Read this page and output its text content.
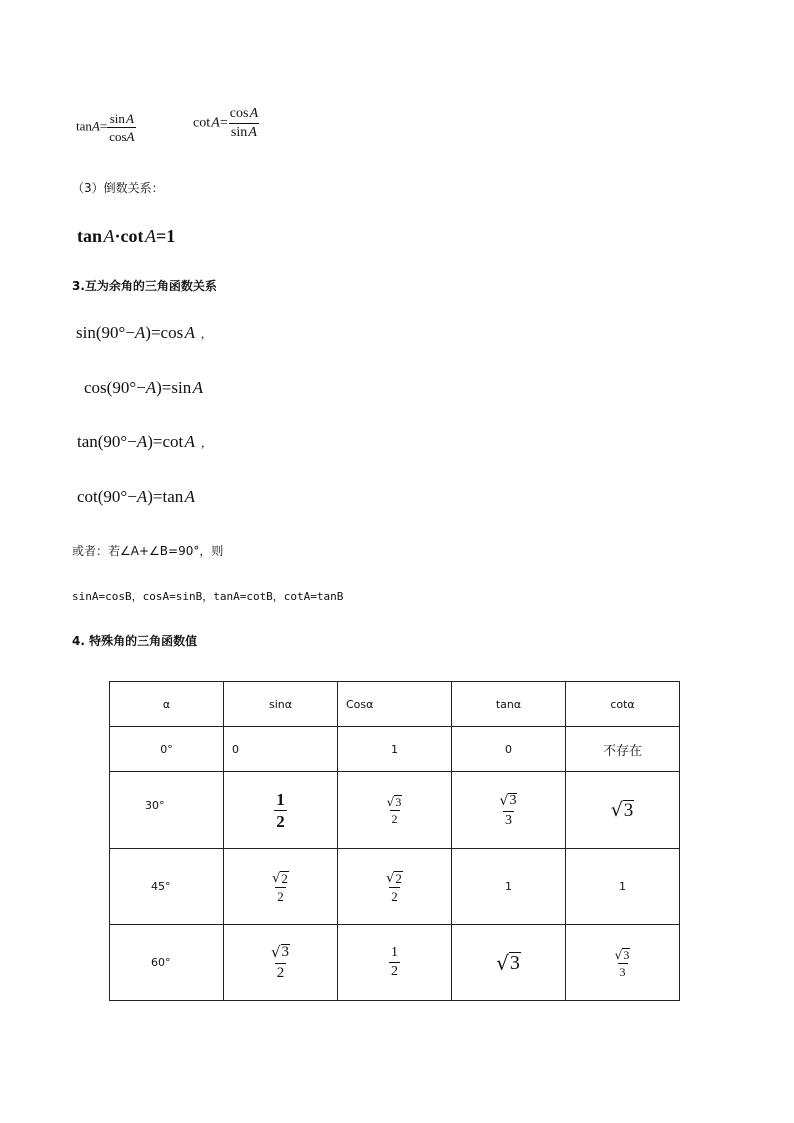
$\tan A= \frac{\text{sin A}}{\cos A}$	cot $A= \frac{\text{cos A}}{\text{sin A}}$
（3）倒数关系：
tan A·cot A=1
3.互为余角的三角函数关系
sin(90°−A)=cos A ,
cos(90°−A)=sin A
tan(90°−A)=cot A ,
cot(90°−A)=tan A
或者：若∠A+∠B=90°，则
sinA=cosB，cosA=sinB，tanA=cotB，cotA=tanB
4. 特殊角的三角函数值
α	sinα	Cosα	tanα	cotα
0°	0	1	0	不存在
30°	$\frac{1}{2}$	$\frac{√ 3}{2}$	$\frac{√ 3}{3}$	√ 3

45°	$\frac{√ 2}{2}$	$\frac{√ 2}{2}$	1	1
60°	$\frac{√ 3}{2}$	$\frac{1}{2}$	√ 3	$\frac{√ 3}{3}$
